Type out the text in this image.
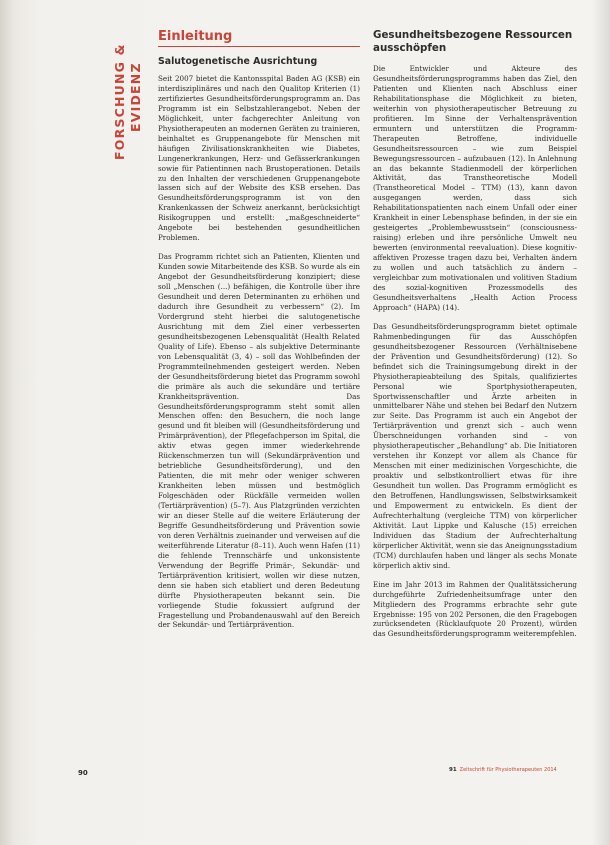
FORSCHUNG & EVIDENZ
Einleitung
Salutogenetische Ausrichtung

Seit 2007 bietet die Kantonsspital Baden AG (KSB) ein interdisziplinäres und nach den Qualitop Kriterien (1) zertifiziertes Gesundheitsförderungsprogramm an. Das Programm ist ein Selbstzahlerangebot. Neben der Möglichkeit, unter fachgerechter Anleitung von Physiotherapeuten an modernen Geräten zu trainieren, beinhaltet es Gruppenangebote für Menschen mit häufigen Zivilisationskrankheiten wie Diabetes, Lungenerkrankungen, Herz- und Gefässerkrankungen sowie für Patientinnen nach Brustoperationen. Details zu den Inhalten der verschiedenen Gruppenangebote lassen sich auf der Website des KSB ersehen. Das Gesundheitsförderungsprogramm ist von den Krankenkassen der Schweiz anerkannt, berücksichtigt Risikogruppen und erstellt: „maßgeschneiderte“ Angebote bei bestehenden gesundheitlichen Problemen.

Das Programm richtet sich an Patienten, Klienten und Kunden sowie Mitarbeitende des KSB. So wurde als ein Angebot der Gesundheitsförderung konzipiert; diese soll „Menschen (...) befähigen, die Kontrolle über ihre Gesundheit und deren Determinanten zu erhöhen und dadurch ihre Gesundheit zu verbessern“ (2). Im Vordergrund steht hierbei die salutogenetische Ausrichtung mit dem Ziel einer verbesserten gesundheitsbezogenen Lebensqualität (Health Related Quality of Life). Ebenso – als subjektive Determinante von Lebensqualität (3, 4) – soll das Wohlbefinden der Programmteilnehmenden gesteigert werden. Neben der Gesundheitsförderung bietet das Programm sowohl die primäre als auch die sekundäre und tertiäre Krankheitsprävention. Das Gesundheitsförderungsprogramm steht somit allen Menschen offen: den Besuchern, die noch lange gesund und fit bleiben will (Gesundheitsförderung und Primärprävention), der Pflegefachperson im Spital, die aktiv etwas gegen immer wiederkehrende Rückenschmerzen tun will (Sekundärprävention und betriebliche Gesundheitsförderung), und den Patienten, die mit mehr oder weniger schweren Krankheiten leben müssen und bestmöglich Folgeschäden oder Rückfälle vermeiden wollen (Tertiärprävention) (5–7). Aus Platzgründen verzichten wir an dieser Stelle auf die weitere Erläuterung der Begriffe Gesundheitsförderung und Prävention sowie von deren Verhältnis zueinander und verweisen auf die weiterführende Literatur (8–11). Auch wenn Hafen (11) die fehlende Trennschärfe und unkonsistente Verwendung der Begriffe Primär-, Sekundär- und Tertiärprävention kritisiert, wollen wir diese nutzen, denn sie haben sich etabliert und deren Bedeutung dürfte Physiotherapeuten bekannt sein. Die vorliegende Studie fokussiert aufgrund der Fragestellung und Probandenauswahl auf den Bereich der Sekundär- und Tertiärprävention.

Gesundheitsbezogene Ressourcen ausschöpfen

Die Entwickler und Akteure des Gesundheitsförderungsprogramms haben das Ziel, den Patienten und Klienten nach Abschluss einer Rehabilitationsphase die Möglichkeit zu bieten, weiterhin von physiotherapeutischer Betreuung zu profitieren. Im Sinne der Verhaltensprävention ermuntern und unterstützen die Programm-Therapeuten Betroffene, individuelle Gesundheitsressourcen – wie zum Beispiel Bewegungsressourcen – aufzubauen (12). In Anlehnung an das bekannte Stadienmodell der körperlichen Aktivität, das Transtheoretische Modell (Transtheoretical Model – TTM) (13), kann davon ausgegangen werden, dass sich Rehabilitationspatienten nach einem Unfall oder einer Krankheit in einer Lebensphase befinden, in der sie ein gesteigertes „Problembewusstsein“ (consciousness-raising) erleben und ihre persönliche Umwelt neu bewerten (environmental reevaluation). Diese kognitiv-affektiven Prozesse tragen dazu bei, Verhalten ändern zu wollen und auch tatsächlich zu ändern – vergleichbar zum motivationalen und volitiven Stadium des sozial-kognitiven Prozessmodells des Gesundheitsverhaltens „Health Action Process Approach“ (HAPA) (14).

Das Gesundheitsförderungsprogramm bietet optimale Rahmenbedingungen für das Ausschöpfen gesundheitsbezogener Ressourcen (Verhältnisebene der Prävention und Gesundheitsförderung) (12). So befindet sich die Trainingsumgebung direkt in der Physiotherapieabteilung des Spitals, qualifiziertes Personal wie Sportphysiotherapeuten, Sportwissenschaftler und Ärzte arbeiten in unmittelbarer Nähe und stehen bei Bedarf den Nutzern zur Seite. Das Programm ist auch ein Angebot der Tertiärprävention und grenzt sich – auch wenn Überschneidungen vorhanden sind – von physiotherapeutischer „Behandlung“ ab. Die Initiatoren verstehen ihr Konzept vor allem als Chance für Menschen mit einer medizinischen Vorgeschichte, die proaktiv und selbstkontrolliert etwas für ihre Gesundheit tun wollen. Das Programm ermöglicht es den Betroffenen, Handlungswissen, Selbstwirksamkeit und Empowerment zu entwickeln. Es dient der Aufrechterhaltung (vergleiche TTM) von körperlicher Aktivität. Laut Lippke und Kalusche (15) erreichen Individuen das Stadium der Aufrechterhaltung körperlicher Aktivität, wenn sie das Aneignungsstadium (TCM) durchlaufen haben und länger als sechs Monate körperlich aktiv sind.

Eine im Jahr 2013 im Rahmen der Qualitätssicherung durchgeführte Zufriedenheitsumfrage unter den Mitgliedern des Programms erbrachte sehr gute Ergebnisse: 195 von 202 Personen, die den Fragebogen zurücksendeten (Rücklaufquote 20 Prozent), würden das Gesundheitsförderungsprogramm weiterempfehlen.

90	91 Zeitschrift für Physiotherapeuten 2014
